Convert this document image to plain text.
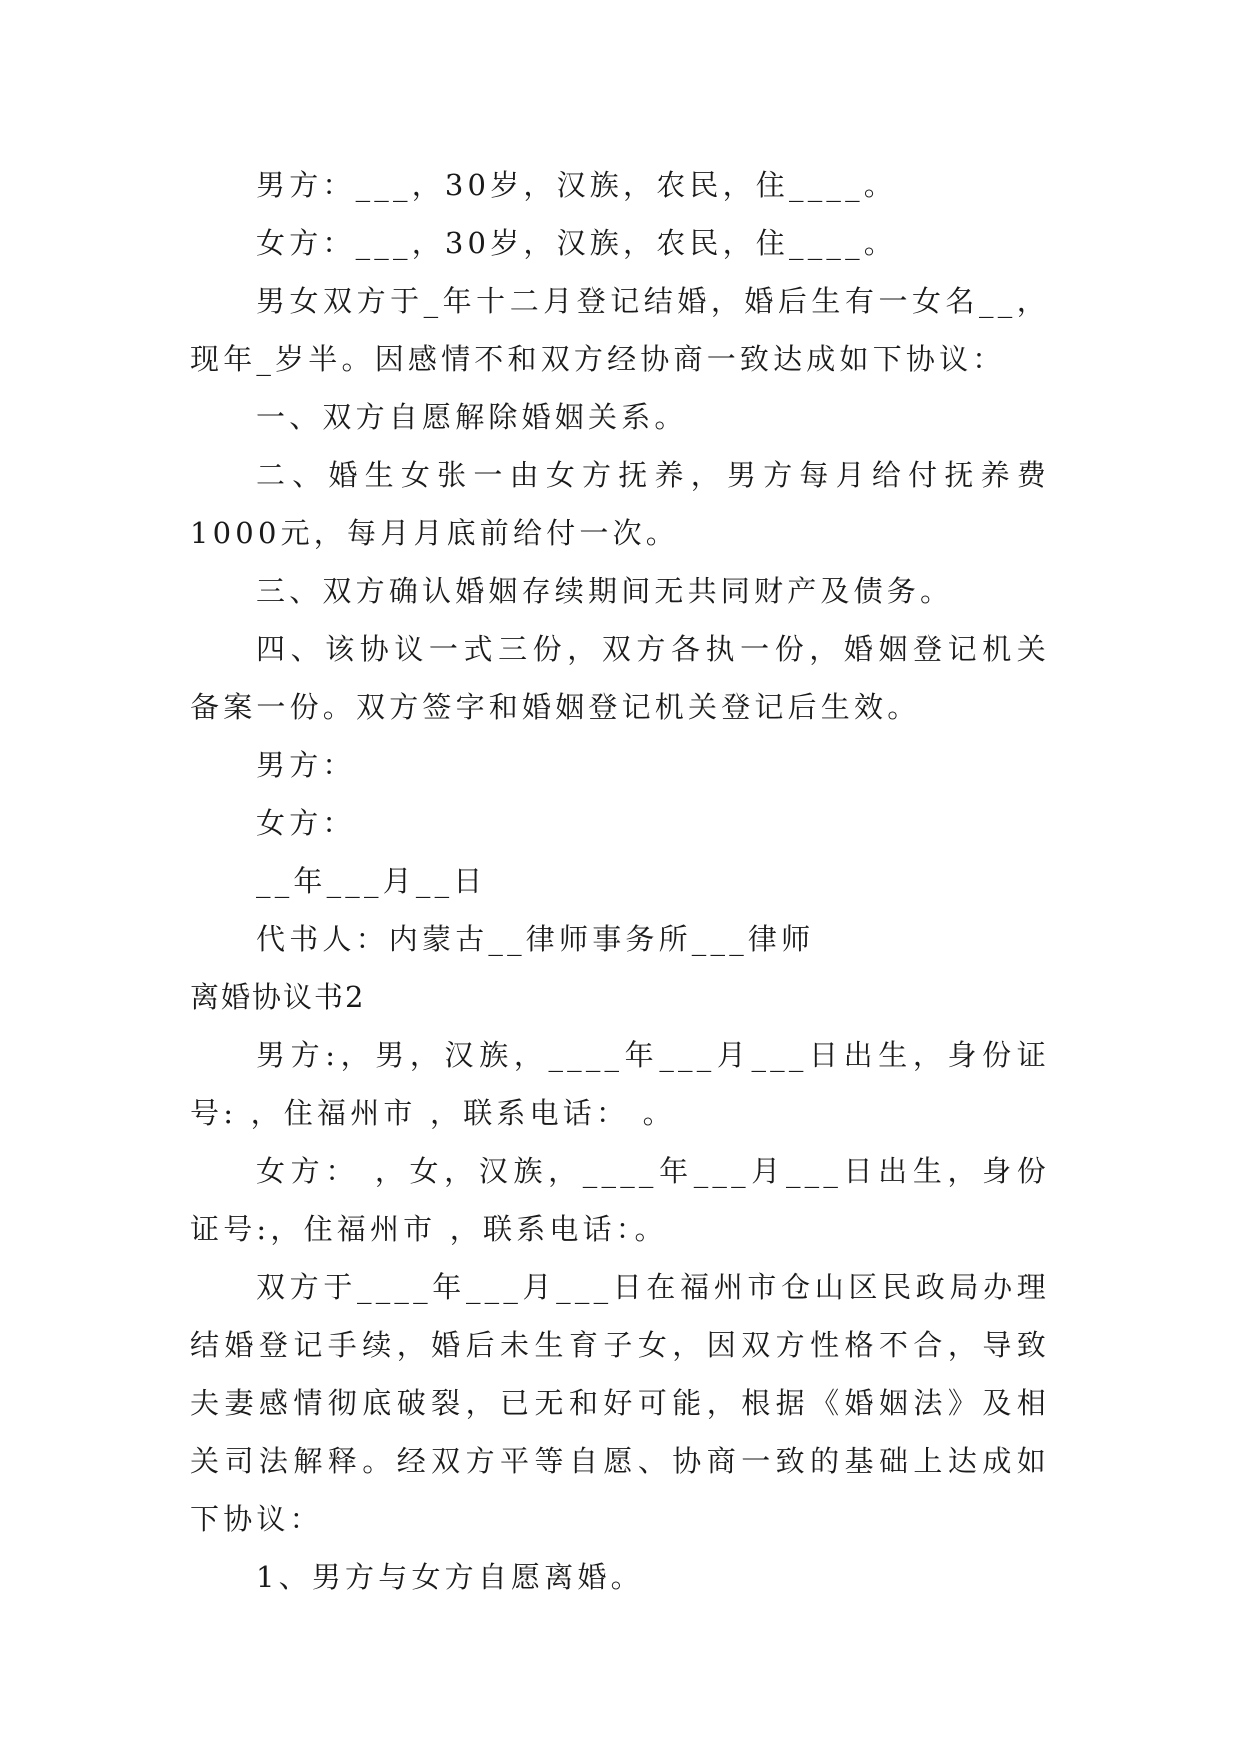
男方：___，30岁，汉族，农民，住____。

女方：___，30岁，汉族，农民，住____。

男女双方于_年十二月登记结婚，婚后生有一女名__，现年_岁半。因感情不和双方经协商一致达成如下协议：

一、双方自愿解除婚姻关系。

二、婚生女张一由女方抚养，男方每月给付抚养费1000元，每月月底前给付一次。

三、双方确认婚姻存续期间无共同财产及债务。

四、该协议一式三份，双方各执一份，婚姻登记机关备案一份。双方签字和婚姻登记机关登记后生效。

男方：

女方：

__年___月__日

代书人：内蒙古__律师事务所___律师

离婚协议书2

男方:，男，汉族，____年___月___日出生，身份证号: ，住福州市 ，联系电话： 。

女方： ，女，汉族，____年___月___日出生，身份证号:，住福州市 ，联系电话：。

双方于____年___月___日在福州市仓山区民政局办理结婚登记手续，婚后未生育子女，因双方性格不合，导致夫妻感情彻底破裂，已无和好可能，根据《婚姻法》及相关司法解释。经双方平等自愿、协商一致的基础上达成如下协议：

1、男方与女方自愿离婚。
